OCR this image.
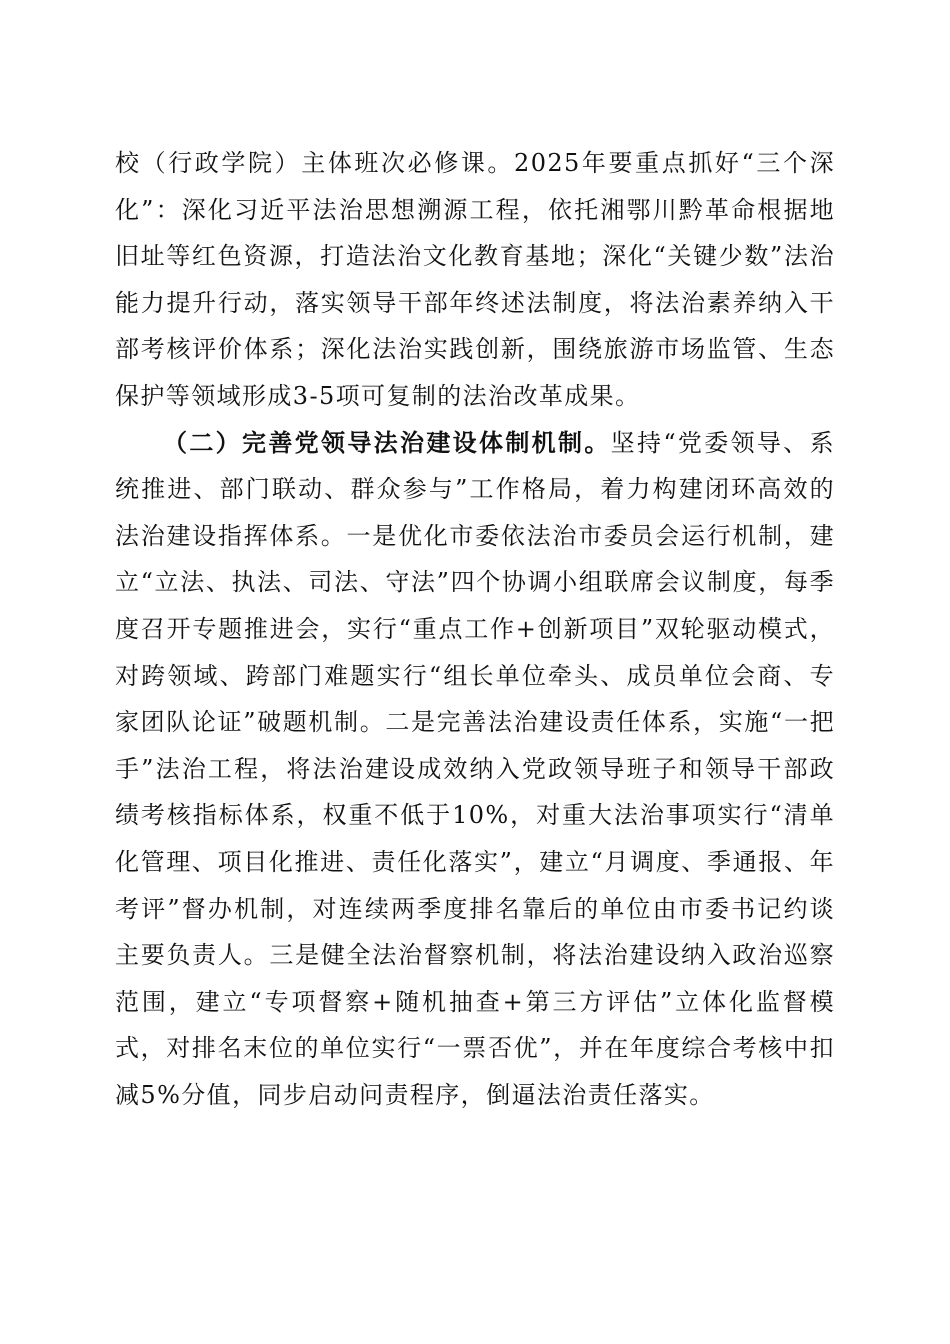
校（行政学院）主体班次必修课。2025年要重点抓好“三个深化”：深化习近平法治思想溯源工程，依托湘鄂川黔革命根据地旧址等红色资源，打造法治文化教育基地；深化“关键少数”法治能力提升行动，落实领导干部年终述法制度，将法治素养纳入干部考核评价体系；深化法治实践创新，围绕旅游市场监管、生态保护等领域形成3-5项可复制的法治改革成果。

（二）完善党领导法治建设体制机制。坚持“党委领导、系统推进、部门联动、群众参与”工作格局，着力构建闭环高效的法治建设指挥体系。一是优化市委依法治市委员会运行机制，建立“立法、执法、司法、守法”四个协调小组联席会议制度，每季度召开专题推进会，实行“重点工作+创新项目”双轮驱动模式，对跨领域、跨部门难题实行“组长单位牵头、成员单位会商、专家团队论证”破题机制。二是完善法治建设责任体系，实施“一把手”法治工程，将法治建设成效纳入党政领导班子和领导干部政绩考核指标体系，权重不低于10%，对重大法治事项实行“清单化管理、项目化推进、责任化落实”，建立“月调度、季通报、年考评”督办机制，对连续两季度排名靠后的单位由市委书记约谈主要负责人。三是健全法治督察机制，将法治建设纳入政治巡察范围，建立“专项督察+随机抽查+第三方评估”立体化监督模式，对排名末位的单位实行“一票否优”，并在年度综合考核中扣减5%分值，同步启动问责程序，倒逼法治责任落实。
